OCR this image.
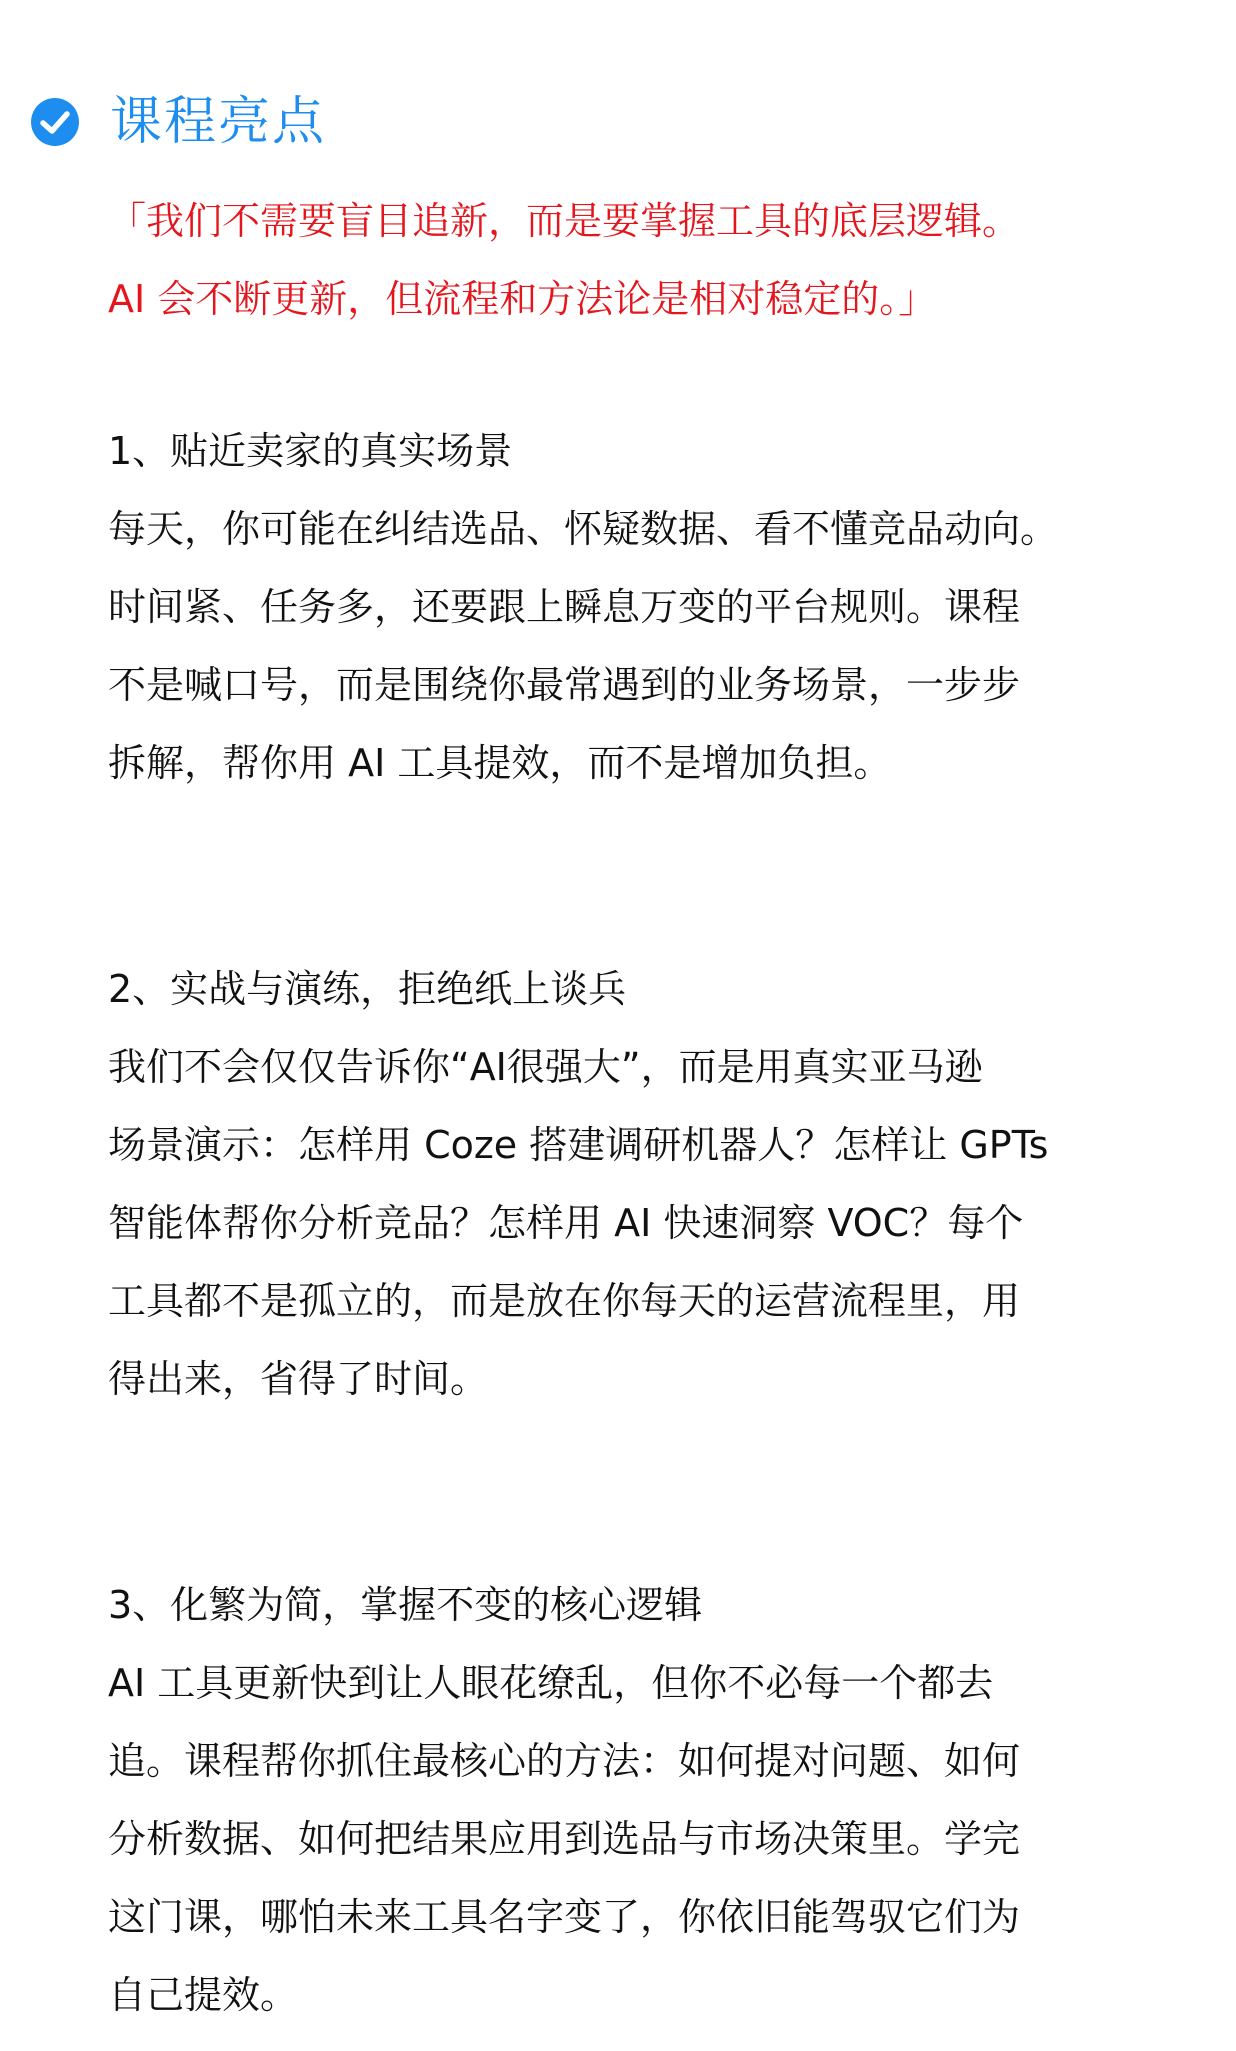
课程亮点

「我们不需要盲目追新，而是要掌握工具的底层逻辑。

AI 会不断更新，但流程和方法论是相对稳定的。」

1、贴近卖家的真实场景

每天，你可能在纠结选品、怀疑数据、看不懂竞品动向。

时间紧、任务多，还要跟上瞬息万变的平台规则。课程

不是喊口号，而是围绕你最常遇到的业务场景，一步步

拆解，帮你用 AI 工具提效，而不是增加负担。

2、实战与演练，拒绝纸上谈兵

我们不会仅仅告诉你“AI很强大”，而是用真实亚马逊

场景演示：怎样用 Coze 搭建调研机器人？怎样让 GPTs

智能体帮你分析竞品？怎样用 AI 快速洞察 VOC？每个

工具都不是孤立的，而是放在你每天的运营流程里，用

得出来，省得了时间。

3、化繁为简，掌握不变的核心逻辑

AI 工具更新快到让人眼花缭乱，但你不必每一个都去

追。课程帮你抓住最核心的方法：如何提对问题、如何

分析数据、如何把结果应用到选品与市场决策里。学完

这门课，哪怕未来工具名字变了，你依旧能驾驭它们为

自己提效。
